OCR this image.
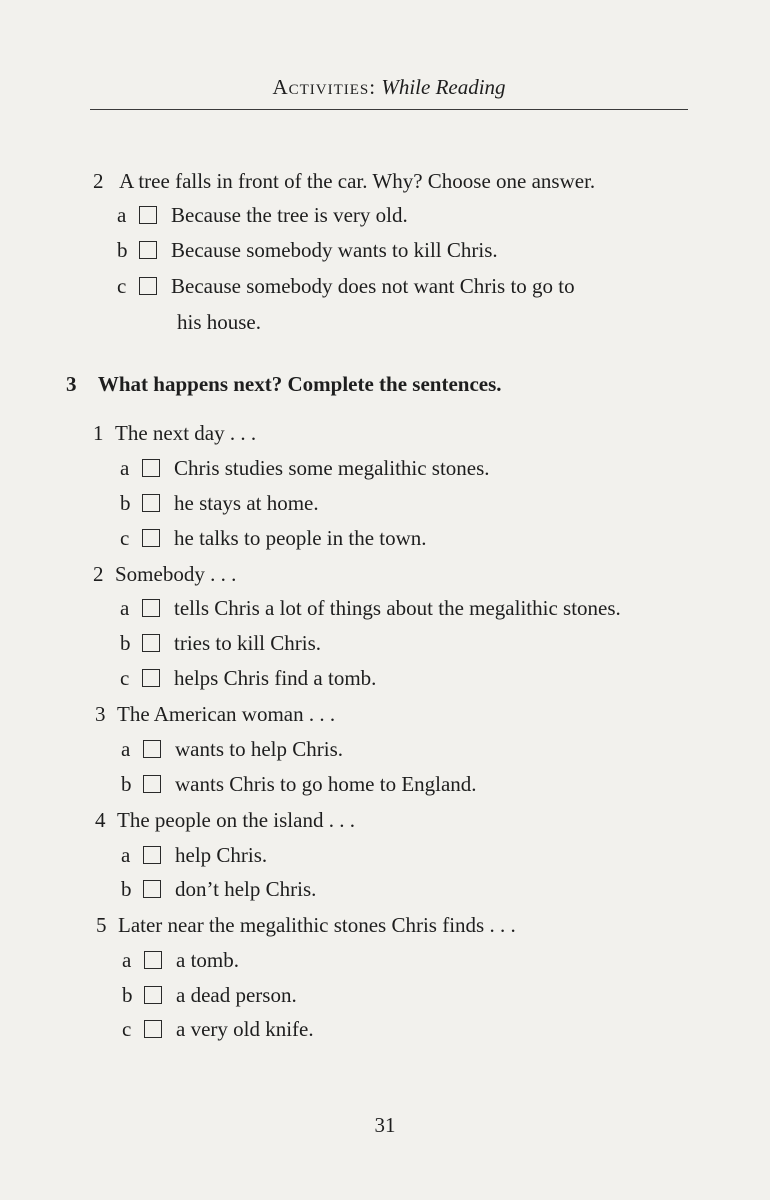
Activities: While Reading
2 A tree falls in front of the car. Why? Choose one answer.
a Because the tree is very old.
b Because somebody wants to kill Chris.
c Because somebody does not want Chris to go to
his house.
3 What happens next? Complete the sentences.
1 The next day . . .
a Chris studies some megalithic stones.
b he stays at home.
c he talks to people in the town.
2 Somebody . . .
a tells Chris a lot of things about the megalithic stones.
b tries to kill Chris.
c helps Chris find a tomb.
3 The American woman . . .
a wants to help Chris.
b wants Chris to go home to England.
4 The people on the island . . .
a help Chris.
b don’t help Chris.
5 Later near the megalithic stones Chris finds . . .
a a tomb.
b a dead person.
c a very old knife.
31
